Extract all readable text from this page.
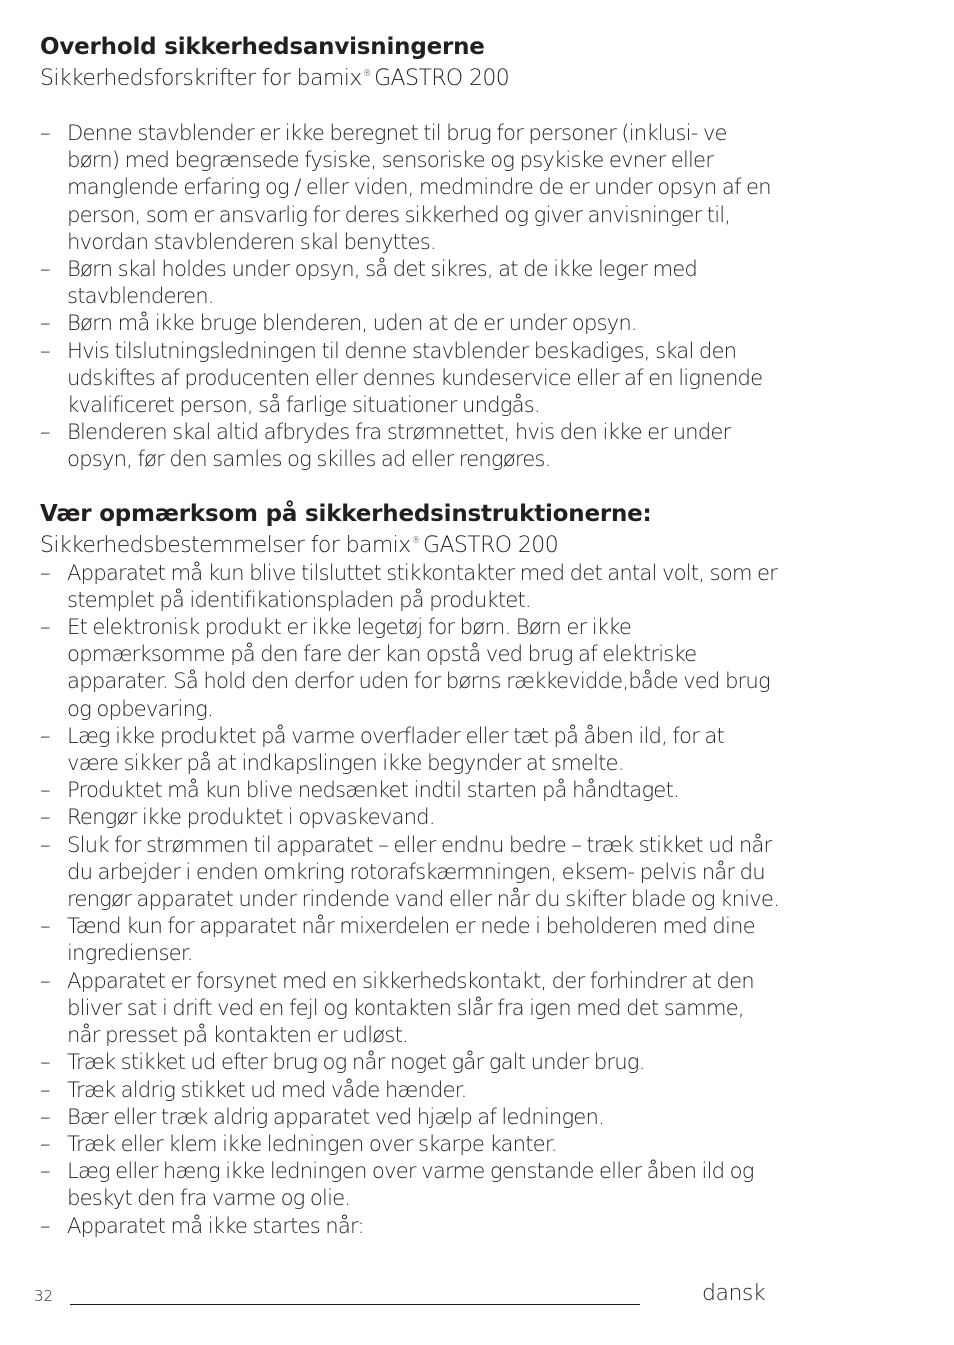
Overhold sikkerhedsanvisningerne

Sikkerhedsforskrifter for bamix® GASTRO 200

– Denne stavblender er ikke beregnet til brug for personer (inklusi- ve børn) med begrænsede fysiske, sensoriske og psykiske evner eller manglende erfaring og / eller viden, medmindre de er under opsyn af en person, som er ansvarlig for deres sikkerhed og giver anvisninger til, hvordan stavblenderen skal benyttes.
– Børn skal holdes under opsyn, så det sikres, at de ikke leger med stavblenderen.
– Børn må ikke bruge blenderen, uden at de er under opsyn.
– Hvis tilslutningsledningen til denne stavblender beskadiges, skal den udskiftes af producenten eller dennes kundeservice eller af en lignende kvalificeret person, så farlige situationer undgås.
– Blenderen skal altid afbrydes fra strømnettet, hvis den ikke er under opsyn, før den samles og skilles ad eller rengøres.
Vær opmærksom på sikkerhedsinstruktionerne:

Sikkerhedsbestemmelser for bamix® GASTRO 200

– Apparatet må kun blive tilsluttet stikkontakter med det antal volt, som er stemplet på identifikationspladen på produktet.
– Et elektronisk produkt er ikke legetøj for børn. Børn er ikke opmærksomme på den fare der kan opstå ved brug af elektriske apparater. Så hold den derfor uden for børns rækkevidde,både ved brug og opbevaring.
– Læg ikke produktet på varme overflader eller tæt på åben ild, for at være sikker på at indkapslingen ikke begynder at smelte.
– Produktet må kun blive nedsænket indtil starten på håndtaget.
– Rengør ikke produktet i opvaskevand.
– Sluk for strømmen til apparatet – eller endnu bedre – træk stikket ud når du arbejder i enden omkring rotorafskærmningen, eksem- pelvis når du rengør apparatet under rindende vand eller når du skifter blade og knive.
– Tænd kun for apparatet når mixerdelen er nede i beholderen med dine ingredienser.
– Apparatet er forsynet med en sikkerhedskontakt, der forhindrer at den bliver sat i drift ved en fejl og kontakten slår fra igen med det samme, når presset på kontakten er udløst.
– Træk stikket ud efter brug og når noget går galt under brug.
– Træk aldrig stikket ud med våde hænder.
– Bær eller træk aldrig apparatet ved hjælp af ledningen.
– Træk eller klem ikke ledningen over skarpe kanter.
– Læg eller hæng ikke ledningen over varme genstande eller åben ild og beskyt den fra varme og olie.
– Apparatet må ikke startes når:
32	dansk
